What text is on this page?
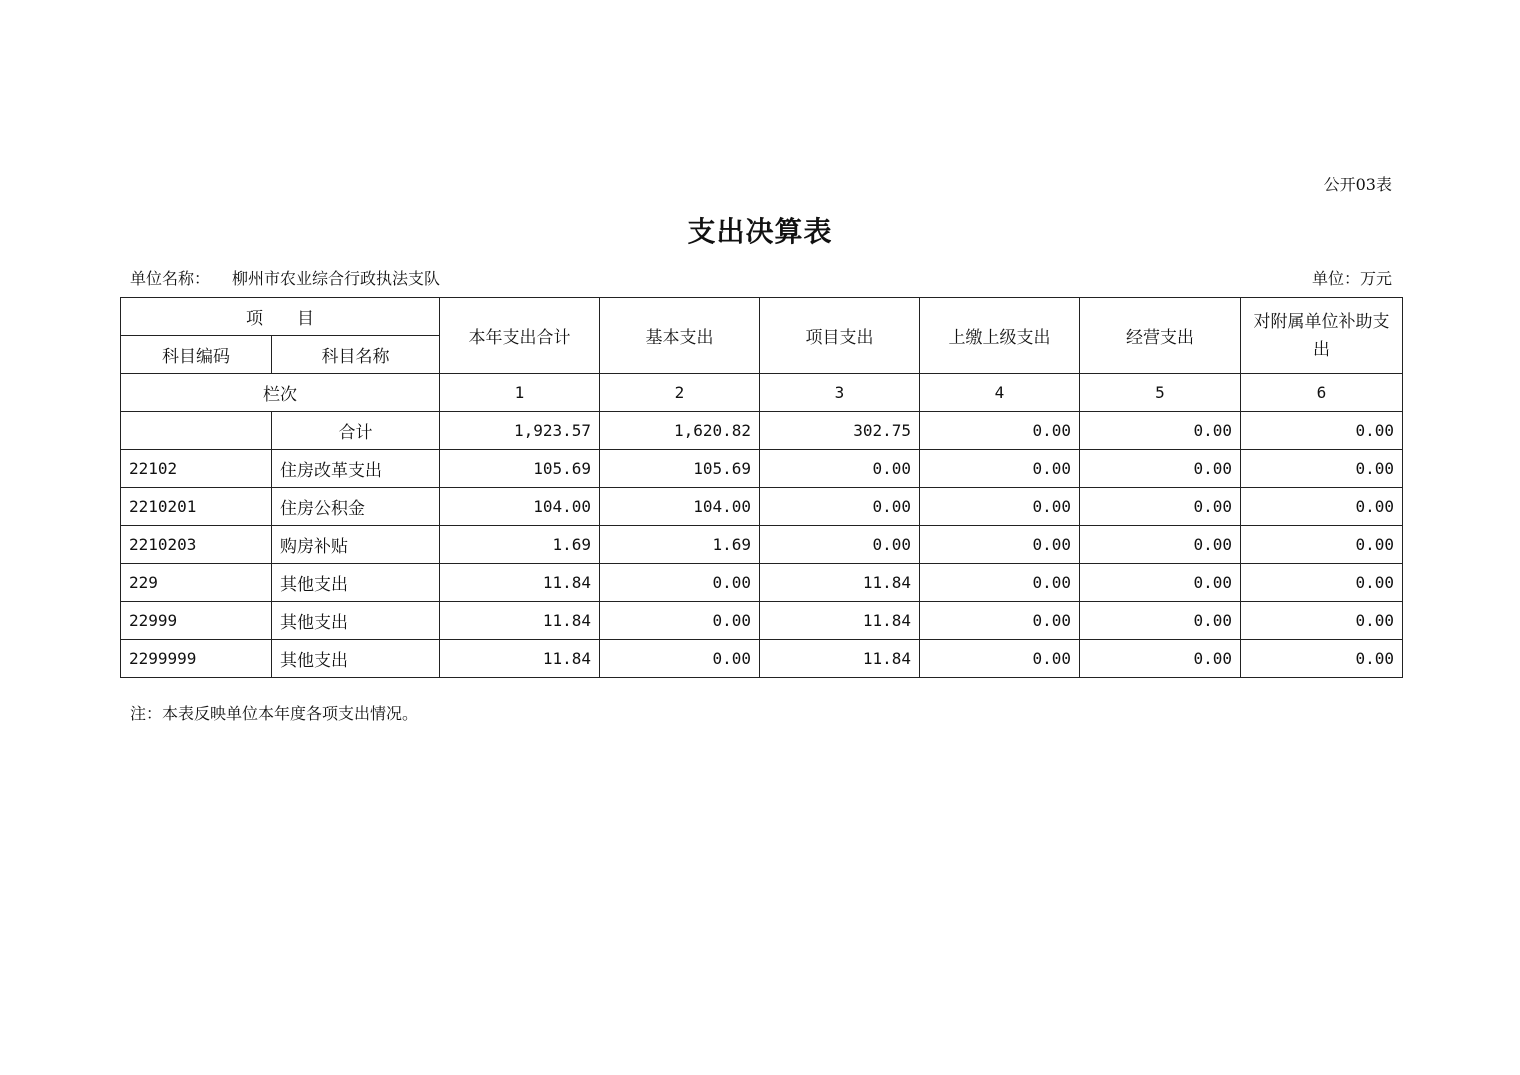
公开03表
支出决算表
单位名称： 柳州市农业综合行政执法支队	单位：万元
项　　目		本年支出合计	基本支出	项目支出	上缴上级支出	经营支出	对附属单位补助支出
科目编码	科目名称						
栏次		1	2	3	4	5	6
	合计	1,923.57	1,620.82	302.75	0.00	0.00	0.00
22102	住房改革支出	105.69	105.69	0.00	0.00	0.00	0.00
2210201	住房公积金	104.00	104.00	0.00	0.00	0.00	0.00
2210203	购房补贴	1.69	1.69	0.00	0.00	0.00	0.00
229	其他支出	11.84	0.00	11.84	0.00	0.00	0.00
22999	其他支出	11.84	0.00	11.84	0.00	0.00	0.00
2299999	其他支出	11.84	0.00	11.84	0.00	0.00	0.00
注：本表反映单位本年度各项支出情况。
